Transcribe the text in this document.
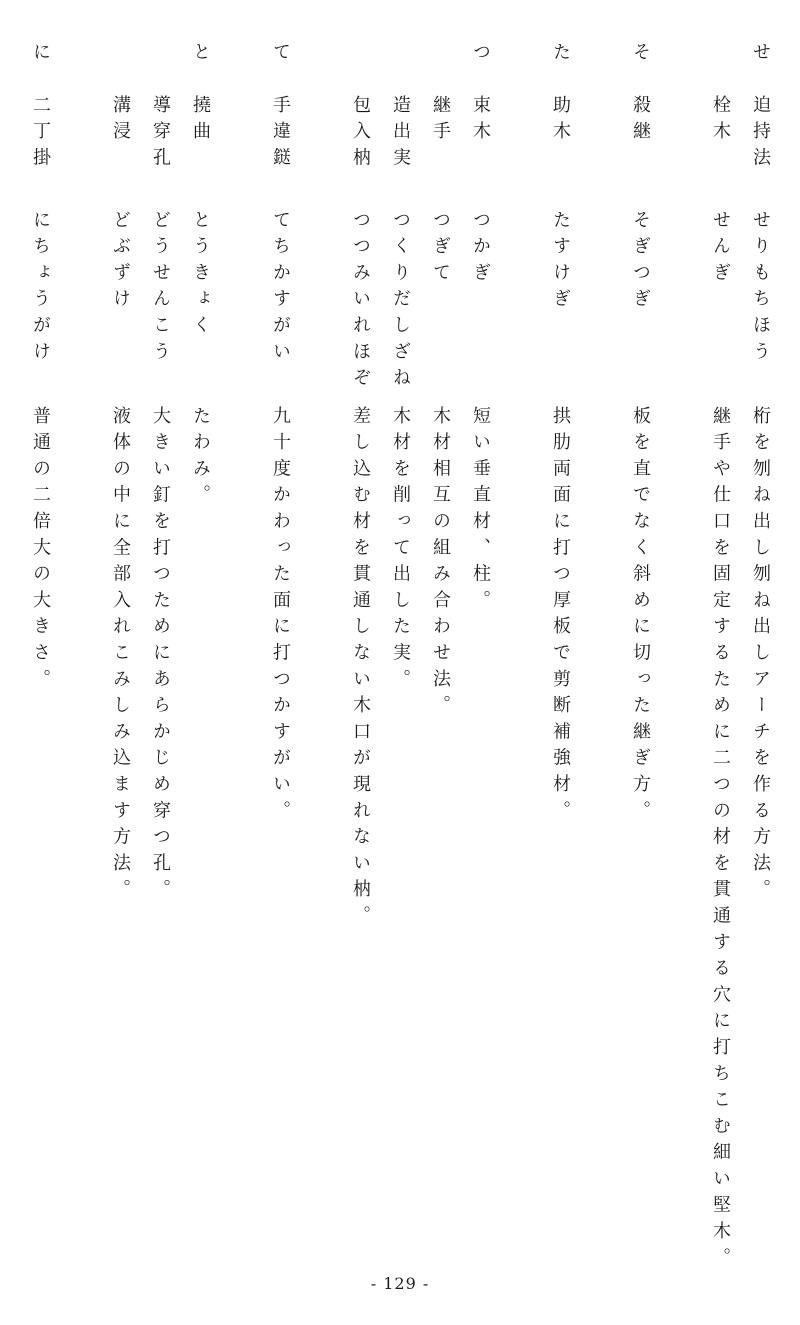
せ
迫持法
せりもちほう
桁を刎ね出し刎ね出しアーチを作る方法。
栓木
せんぎ
継手や仕口を固定するために二つの材を貫通する穴に打ちこむ細い堅木。
そ
殺継
そぎつぎ
板を直でなく斜めに切った継ぎ方。
た
助木
たすけぎ
拱肋両面に打つ厚板で剪断補強材。
つ
束木
つかぎ
短い垂直材、柱。
継手
つぎて
木材相互の組み合わせ法。
造出実
つくりだしざね
木材を削って出した実。
包入枘
つつみいれほぞ
差し込む材を貫通しない木口が現れない枘。
て
手違鎹
てちかすがい
九十度かわった面に打つかすがい。
と
撓曲
とうきょく
たわみ。
導穿孔
どうせんこう
大きい釘を打つためにあらかじめ穿つ孔。
溝浸
どぶずけ
液体の中に全部入れこみしみ込ます方法。
に
二丁掛
にちょうがけ
普通の二倍大の大きさ。
- 129 -
